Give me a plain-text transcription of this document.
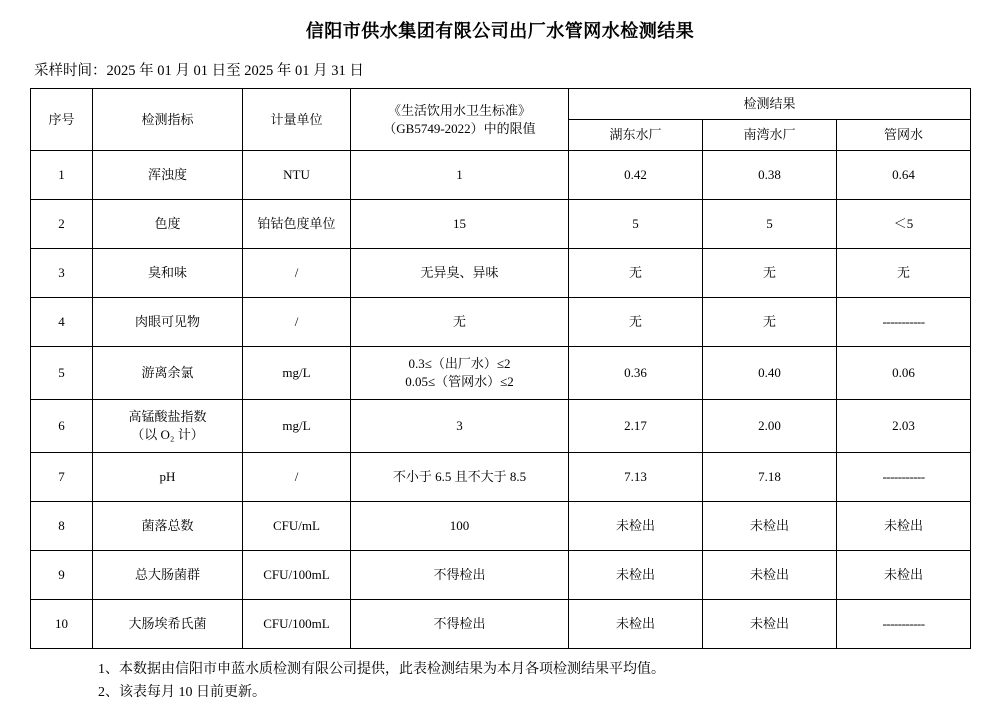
信阳市供水集团有限公司出厂水管网水检测结果
采样时间：2025 年 01 月 01 日至 2025 年 01 月 31 日
序号	检测指标	计量单位	《生活饮用水卫生标准》
（GB5749-2022）中的限值	检测结果		
				湖东水厂	南湾水厂	管网水
1	浑浊度	NTU	1	0.42	0.38	0.64
2	色度	铂钴色度单位	15	5	5	＜5
3	臭和味	/	无异臭、异味	无	无	无
4	肉眼可见物	/	无	无	无	-----------
5	游离余氯	mg/L	0.3≤（出厂水）≤2
0.05≤（管网水）≤2	0.36	0.40	0.06
6	高锰酸盐指数
（以 O₂ 计）	mg/L	3	2.17	2.00	2.03
7	pH	/	不小于 6.5 且不大于 8.5	7.13	7.18	-----------
8	菌落总数	CFU/mL	100	未检出	未检出	未检出
9	总大肠菌群	CFU/100mL	不得检出	未检出	未检出	未检出
10	大肠埃希氏菌	CFU/100mL	不得检出	未检出	未检出	-----------
1、本数据由信阳市申蓝水质检测有限公司提供，此表检测结果为本月各项检测结果平均值。
2、该表每月 10 日前更新。
